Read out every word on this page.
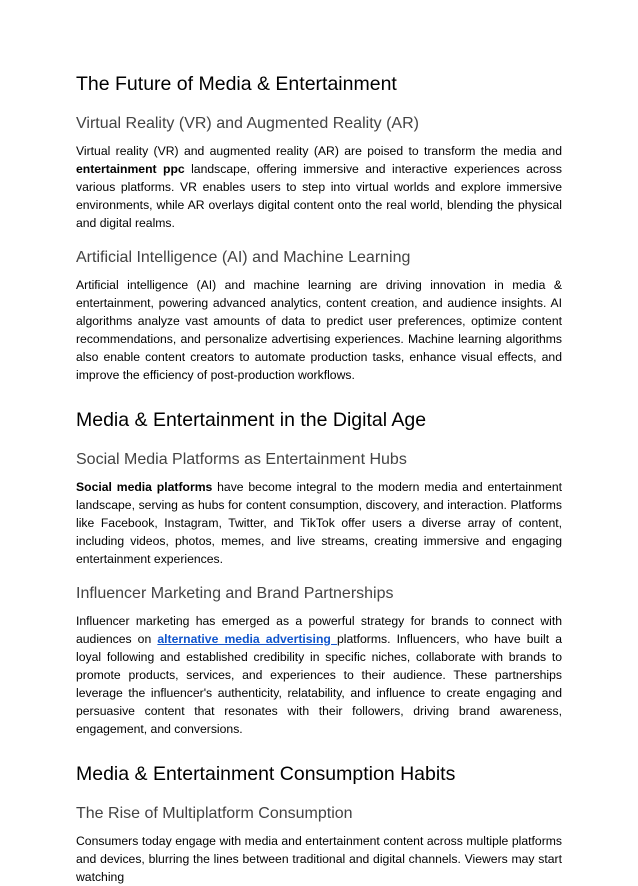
The Future of Media & Entertainment
Virtual Reality (VR) and Augmented Reality (AR)

Virtual reality (VR) and augmented reality (AR) are poised to transform the media and entertainment ppc landscape, offering immersive and interactive experiences across various platforms. VR enables users to step into virtual worlds and explore immersive environments, while AR overlays digital content onto the real world, blending the physical and digital realms.

Artificial Intelligence (AI) and Machine Learning

Artificial intelligence (AI) and machine learning are driving innovation in media & entertainment, powering advanced analytics, content creation, and audience insights. AI algorithms analyze vast amounts of data to predict user preferences, optimize content recommendations, and personalize advertising experiences. Machine learning algorithms also enable content creators to automate production tasks, enhance visual effects, and improve the efficiency of post-production workflows.

Media & Entertainment in the Digital Age
Social Media Platforms as Entertainment Hubs

Social media platforms have become integral to the modern media and entertainment landscape, serving as hubs for content consumption, discovery, and interaction. Platforms like Facebook, Instagram, Twitter, and TikTok offer users a diverse array of content, including videos, photos, memes, and live streams, creating immersive and engaging entertainment experiences.

Influencer Marketing and Brand Partnerships

Influencer marketing has emerged as a powerful strategy for brands to connect with audiences on alternative media advertising platforms. Influencers, who have built a loyal following and established credibility in specific niches, collaborate with brands to promote products, services, and experiences to their audience. These partnerships leverage the influencer's authenticity, relatability, and influence to create engaging and persuasive content that resonates with their followers, driving brand awareness, engagement, and conversions.

Media & Entertainment Consumption Habits
The Rise of Multiplatform Consumption

Consumers today engage with media and entertainment content across multiple platforms and devices, blurring the lines between traditional and digital channels. Viewers may start watching
